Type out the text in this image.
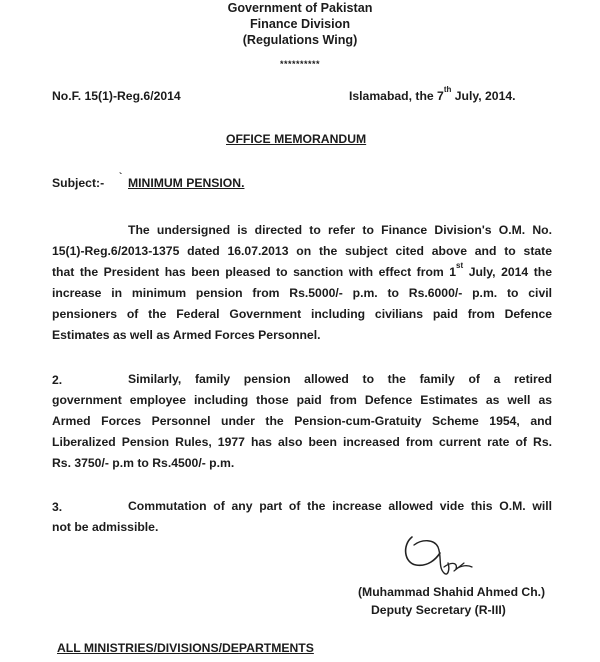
Government of Pakistan
Finance Division
(Regulations Wing)
**********
No.F. 15(1)-Reg.6/2014	Islamabad, the 7th July, 2014.
OFFICE MEMORANDUM
Subject:- ` MINIMUM PENSION.
The undersigned is directed to refer to Finance Division's O.M. No.
15(1)-Reg.6/2013-1375 dated 16.07.2013 on the subject cited above and to state
that the President has been pleased to sanction with effect from 1st July, 2014 the
increase in minimum pension from Rs.5000/- p.m. to Rs.6000/- p.m. to civil
pensioners of the Federal Government including civilians paid from Defence
Estimates as well as Armed Forces Personnel.
2.	Similarly, family pension allowed to the family of a retired
government employee including those paid from Defence Estimates as well as
Armed Forces Personnel under the Pension-cum-Gratuity Scheme 1954, and
Liberalized Pension Rules, 1977 has also been increased from current rate of Rs.
Rs. 3750/- p.m to Rs.4500/- p.m.
3.	Commutation of any part of the increase allowed vide this O.M. will
not be admissible.
(Muhammad Shahid Ahmed Ch.)
Deputy Secretary (R-III)
ALL MINISTRIES/DIVISIONS/DEPARTMENTS
